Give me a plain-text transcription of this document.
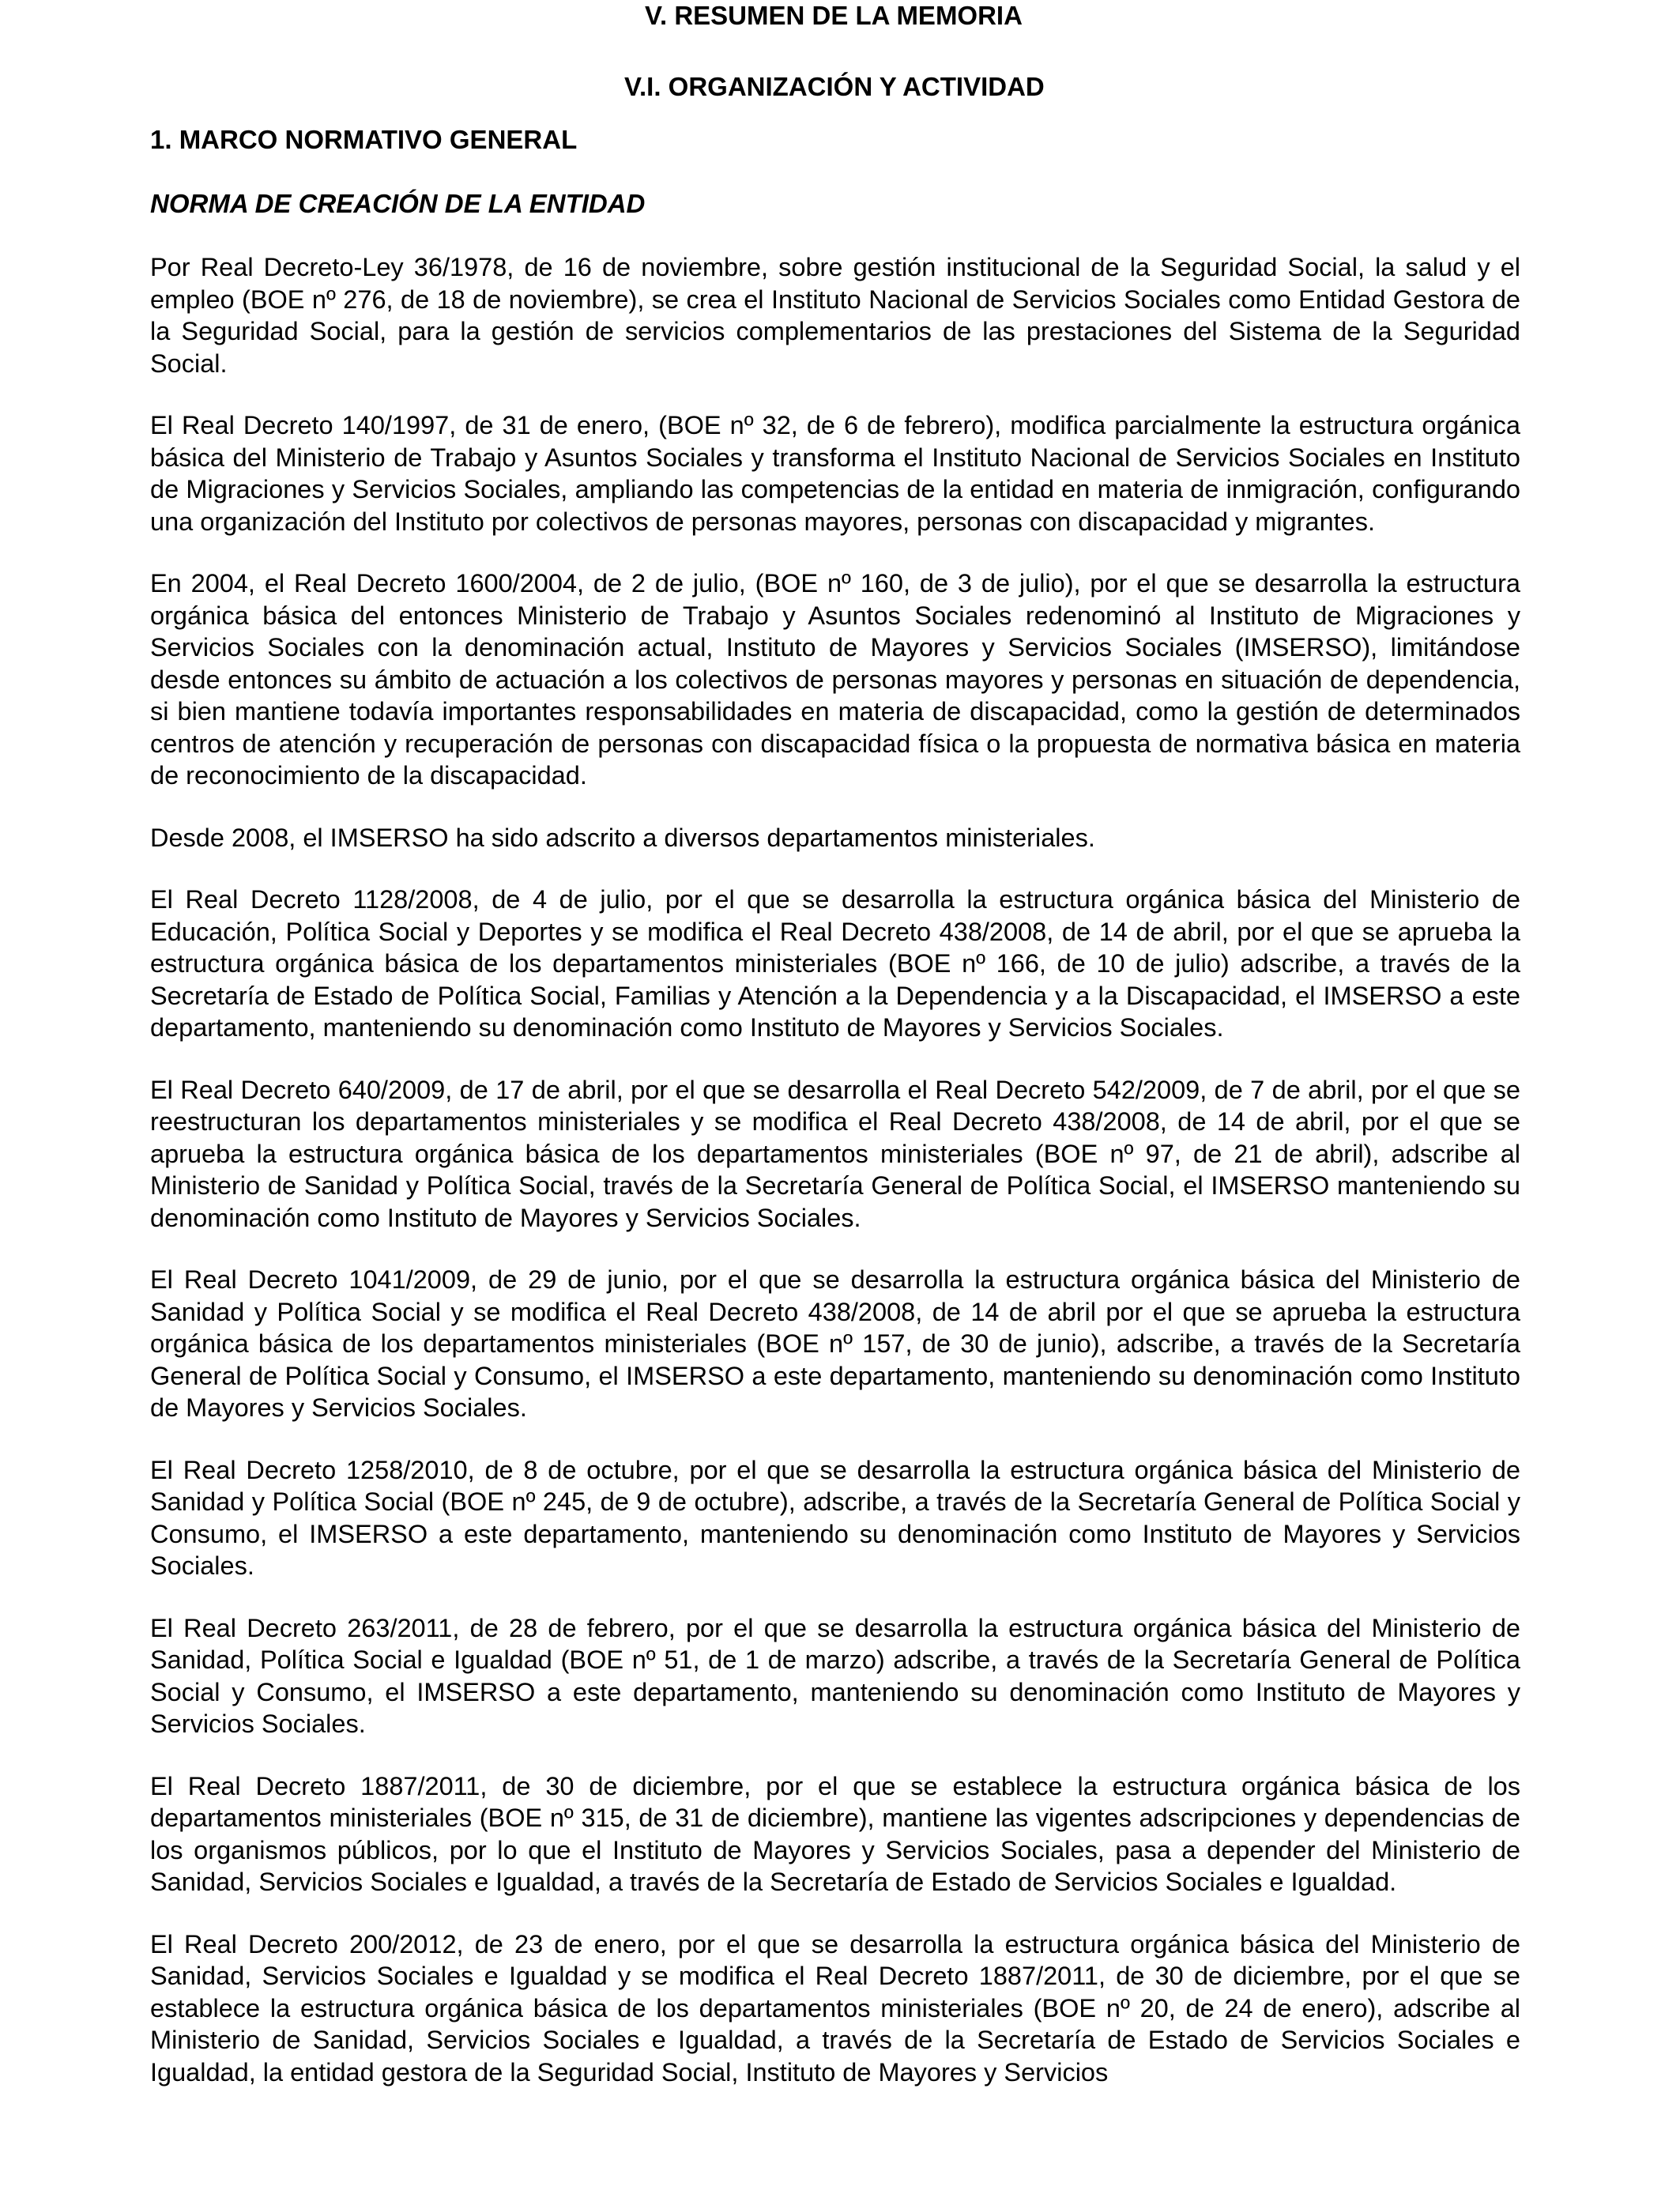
V. RESUMEN DE LA MEMORIA
V.I. ORGANIZACIÓN Y ACTIVIDAD
1. MARCO NORMATIVO GENERAL
NORMA DE CREACIÓN DE LA ENTIDAD

Por Real Decreto-Ley 36/1978, de 16 de noviembre, sobre gestión institucional de la Seguridad Social, la salud y el empleo (BOE nº 276, de 18 de noviembre), se crea el Instituto Nacional de Servicios Sociales como Entidad Gestora de la Seguridad Social, para la gestión de servicios complementarios de las prestaciones del Sistema de la Seguridad Social.

El Real Decreto 140/1997, de 31 de enero, (BOE nº 32, de 6 de febrero), modifica parcialmente la estructura orgánica básica del Ministerio de Trabajo y Asuntos Sociales y transforma el Instituto Nacional de Servicios Sociales en Instituto de Migraciones y Servicios Sociales, ampliando las competencias de la entidad en materia de inmigración, configurando una organización del Instituto por colectivos de personas mayores, personas con discapacidad y migrantes.

En 2004, el Real Decreto 1600/2004, de 2 de julio, (BOE nº 160, de 3 de julio), por el que se desarrolla la estructura orgánica básica del entonces Ministerio de Trabajo y Asuntos Sociales redenominó al Instituto de Migraciones y Servicios Sociales con la denominación actual, Instituto de Mayores y Servicios Sociales (IMSERSO), limitándose desde entonces su ámbito de actuación a los colectivos de personas mayores y personas en situación de dependencia, si bien mantiene todavía importantes responsabilidades en materia de discapacidad, como la gestión de determinados centros de atención y recuperación de personas con discapacidad física o la propuesta de normativa básica en materia de reconocimiento de la discapacidad.

Desde 2008, el IMSERSO ha sido adscrito a diversos departamentos ministeriales.

El Real Decreto 1128/2008, de 4 de julio, por el que se desarrolla la estructura orgánica básica del Ministerio de Educación, Política Social y Deportes y se modifica el Real Decreto 438/2008, de 14 de abril, por el que se aprueba la estructura orgánica básica de los departamentos ministeriales (BOE nº 166, de 10 de julio) adscribe, a través de la Secretaría de Estado de Política Social, Familias y Atención a la Dependencia y a la Discapacidad, el IMSERSO a este departamento, manteniendo su denominación como Instituto de Mayores y Servicios Sociales.

El Real Decreto 640/2009, de 17 de abril, por el que se desarrolla el Real Decreto 542/2009, de 7 de abril, por el que se reestructuran los departamentos ministeriales y se modifica el Real Decreto 438/2008, de 14 de abril, por el que se aprueba la estructura orgánica básica de los departamentos ministeriales (BOE nº 97, de 21 de abril), adscribe al Ministerio de Sanidad y Política Social, través de la Secretaría General de Política Social, el IMSERSO manteniendo su denominación como Instituto de Mayores y Servicios Sociales.

El Real Decreto 1041/2009, de 29 de junio, por el que se desarrolla la estructura orgánica básica del Ministerio de Sanidad y Política Social y se modifica el Real Decreto 438/2008, de 14 de abril por el que se aprueba la estructura orgánica básica de los departamentos ministeriales (BOE nº 157, de 30 de junio), adscribe, a través de la Secretaría General de Política Social y Consumo, el IMSERSO a este departamento, manteniendo su denominación como Instituto de Mayores y Servicios Sociales.

El Real Decreto 1258/2010, de 8 de octubre, por el que se desarrolla la estructura orgánica básica del Ministerio de Sanidad y Política Social (BOE nº 245, de 9 de octubre), adscribe, a través de la Secretaría General de Política Social y Consumo, el IMSERSO a este departamento, manteniendo su denominación como Instituto de Mayores y Servicios Sociales.

El Real Decreto 263/2011, de 28 de febrero, por el que se desarrolla la estructura orgánica básica del Ministerio de Sanidad, Política Social e Igualdad (BOE nº 51, de 1 de marzo) adscribe, a través de la Secretaría General de Política Social y Consumo, el IMSERSO a este departamento, manteniendo su denominación como Instituto de Mayores y Servicios Sociales.

El Real Decreto 1887/2011, de 30 de diciembre, por el que se establece la estructura orgánica básica de los departamentos ministeriales (BOE nº 315, de 31 de diciembre), mantiene las vigentes adscripciones y dependencias de los organismos públicos, por lo que el Instituto de Mayores y Servicios Sociales, pasa a depender del Ministerio de Sanidad, Servicios Sociales e Igualdad, a través de la Secretaría de Estado de Servicios Sociales e Igualdad.

El Real Decreto 200/2012, de 23 de enero, por el que se desarrolla la estructura orgánica básica del Ministerio de Sanidad, Servicios Sociales e Igualdad y se modifica el Real Decreto 1887/2011, de 30 de diciembre, por el que se establece la estructura orgánica básica de los departamentos ministeriales (BOE nº 20, de 24 de enero), adscribe al Ministerio de Sanidad, Servicios Sociales e Igualdad, a través de la Secretaría de Estado de Servicios Sociales e Igualdad, la entidad gestora de la Seguridad Social, Instituto de Mayores y Servicios
